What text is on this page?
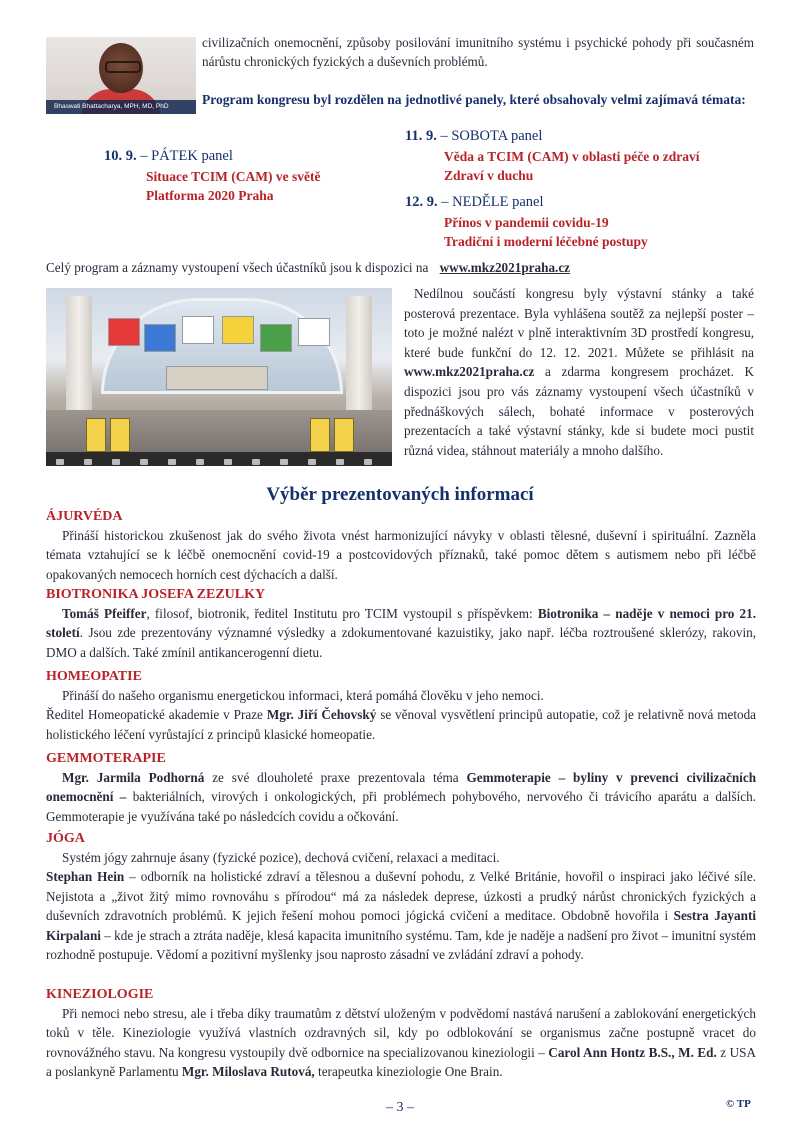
Bhaswati Bhattacharya, MPH, MD, PhD

civilizačních onemocnění, způsoby posilování imunitního systému i psychické pohody při současném nárůstu chronických fyzických a duševních problémů.

Program kongresu byl rozdělen na jednotlivé panely, které obsahovaly velmi zajímavá témata:

10. 9. – PÁTEK panel

Situace TCIM (CAM) ve světě

Platforma 2020 Praha

11. 9. – SOBOTA panel

Věda a TCIM (CAM) v oblasti péče o zdraví

Zdraví v duchu

12. 9. – NEDĚLE panel

Přínos v pandemii covidu-19

Tradiční i moderní léčebné postupy

Celý program a záznamy vystoupení všech účastníků jsou k dispozici na www.mkz2021praha.cz

Nedílnou součástí kongresu byly výstavní stánky a také posterová prezentace. Byla vyhlášena soutěž za nejlepší poster – toto je možné nalézt v plně interaktivním 3D prostředí kongresu, které bude funkční do 12. 12. 2021. Můžete se přihlásit na www.mkz2021praha.cz a zdarma kongresem procházet. K dispozici jsou pro vás záznamy vystoupení všech účastníků v přednáškových sálech, bohaté informace v posterových prezentacích a také výstavní stánky, kde si budete moci pustit různá videa, stáhnout materiály a mnoho dalšího.

Výběr prezentovaných informací

ÁJURVÉDA

Přináší historickou zkušenost jak do svého života vnést harmonizující návyky v oblasti tělesné, duševní i spirituální. Zazněla témata vztahující se k léčbě onemocnění covid-19 a postcovidových příznaků, také pomoc dětem s autismem nebo při léčbě opakovaných nemocech horních cest dýchacích a další.

BIOTRONIKA JOSEFA ZEZULKY

Tomáš Pfeiffer, filosof, biotronik, ředitel Institutu pro TCIM vystoupil s příspěvkem: Biotronika – naděje v nemoci pro 21. století. Jsou zde prezentovány významné výsledky a zdokumentované kazuistiky, jako např. léčba roztroušené sklerózy, rakovin, DMO a dalších. Také zmínil antikancerogenní dietu.

HOMEOPATIE

Přináší do našeho organismu energetickou informaci, která pomáhá člověku v jeho nemoci.

Ředitel Homeopatické akademie v Praze Mgr. Jiří Čehovský se věnoval vysvětlení principů autopatie, což je relativně nová metoda holistického léčení vyrůstající z principů klasické homeopatie.

GEMMOTERAPIE

Mgr. Jarmila Podhorná ze své dlouholeté praxe prezentovala téma Gemmoterapie – byliny v prevenci civilizačních onemocnění – bakteriálních, virových i onkologických, při problémech pohybového, nervového či trávicího aparátu a dalších. Gemmoterapie je využívána také po následcích covidu a očkování.

JÓGA

Systém jógy zahrnuje ásany (fyzické pozice), dechová cvičení, relaxaci a meditaci.

Stephan Hein – odborník na holistické zdraví a tělesnou a duševní pohodu, z Velké Británie, hovořil o inspiraci jako léčivé síle. Nejistota a „život žitý mimo rovnováhu s přírodou“ má za následek deprese, úzkosti a prudký nárůst chronických fyzických a duševních zdravotních problémů. K jejich řešení mohou pomoci jógická cvičení a meditace. Obdobně hovořila i Sestra Jayanti Kirpalani – kde je strach a ztráta naděje, klesá kapacita imunitního systému. Tam, kde je naděje a nadšení pro život – imunitní systém rozhodně postupuje. Vědomí a pozitivní myšlenky jsou naprosto zásadní ve zvládání zdraví a pohody.

KINEZIOLOGIE

Při nemoci nebo stresu, ale i třeba díky traumatům z dětství uloženým v podvědomí nastává narušení a zablokování energetických toků v těle. Kineziologie využívá vlastních ozdravných sil, kdy po odblokování se organismus začne postupně vracet do rovnovážného stavu. Na kongresu vystoupily dvě odbornice na specializovanou kineziologii – Carol Ann Hontz B.S., M. Ed. z USA a poslankyně Parlamentu Mgr. Miloslava Rutová, terapeutka kineziologie One Brain.

– 3 –	© TP
